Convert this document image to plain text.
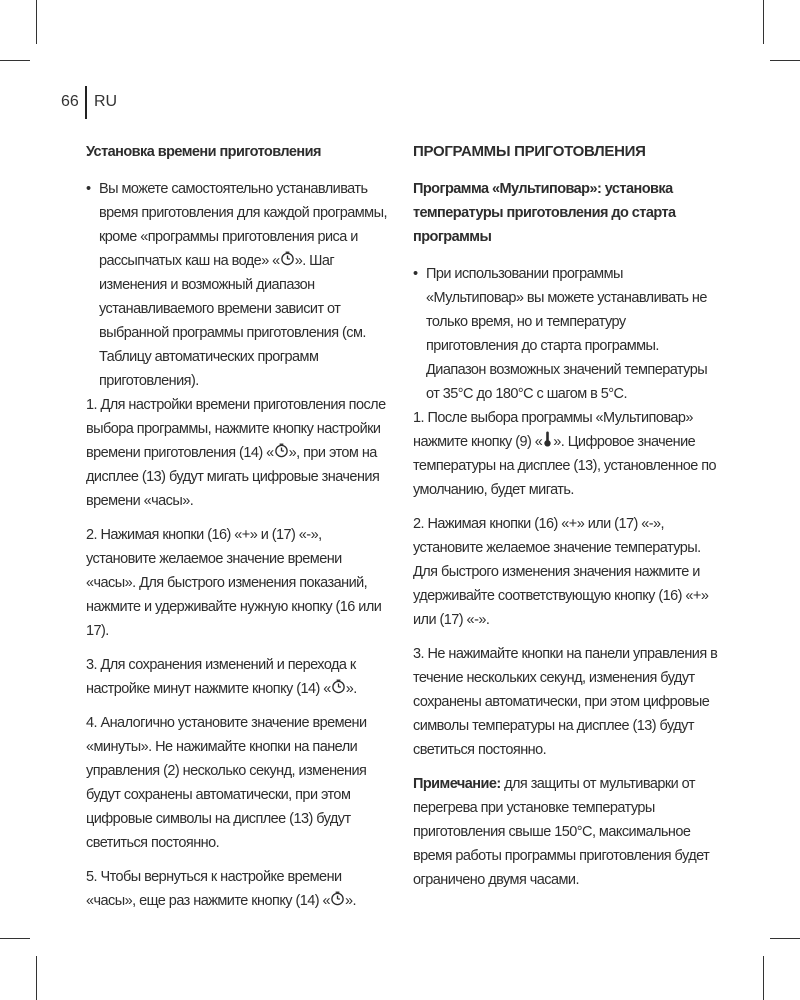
66 RU
Установка времени приготовления
• Вы можете самостоятельно устанавливать время приготовления для каждой программы, кроме «программы приготовления риса и рассыпчатых каш на воде» « ». Шаг изменения и возможный диапазон устанавливаемого времени зависит от выбранной программы приготовления (см. Таблицу автоматических программ приготовления).

1. Для настройки времени приготовления после выбора программы, нажмите кнопку настройки времени приготовления (14) « », при этом на дисплее (13) будут мигать цифровые значения времени «часы».

2. Нажимая кнопки (16) «+» и (17) «-», установите желаемое значение времени «часы». Для быстрого изменения показаний, нажмите и удерживайте нужную кнопку (16 или 17).

3. Для сохранения изменений и перехода к настройке минут нажмите кнопку (14) « ».

4. Аналогично установите значение времени «минуты». Не нажимайте кнопки на панели управления (2) несколько секунд, изменения будут сохранены автоматически, при этом цифровые символы на дисплее (13) будут светиться постоянно.

5. Чтобы вернуться к настройке времени «часы», еще раз нажмите кнопку (14) « ».

ПРОГРАММЫ ПРИГОТОВЛЕНИЯ
Программа «Мультиповар»: установка температуры приготовления до старта программы
• При использовании программы «Мультиповар» вы можете устанавливать не только время, но и температуру приготовления до старта программы. Диапазон возможных значений температуры от 35°С до 180°С с шагом в 5°С.

1. После выбора программы «Мультиповар» нажмите кнопку (9) « ». Цифровое значение температуры на дисплее (13), установленное по умолчанию, будет мигать.

2. Нажимая кнопки (16) «+» или (17) «-», установите желаемое значение температуры. Для быстрого изменения значения нажмите и удерживайте соответствующую кнопку (16) «+» или (17) «-».

3. Не нажимайте кнопки на панели управления в течение нескольких секунд, изменения будут сохранены автоматически, при этом цифровые символы температуры на дисплее (13) будут светиться постоянно.

Примечание: для защиты от мультиварки от перегрева при установке температуры приготовления свыше 150°С, максимальное время работы программы приготовления будет ограничено двумя часами.
